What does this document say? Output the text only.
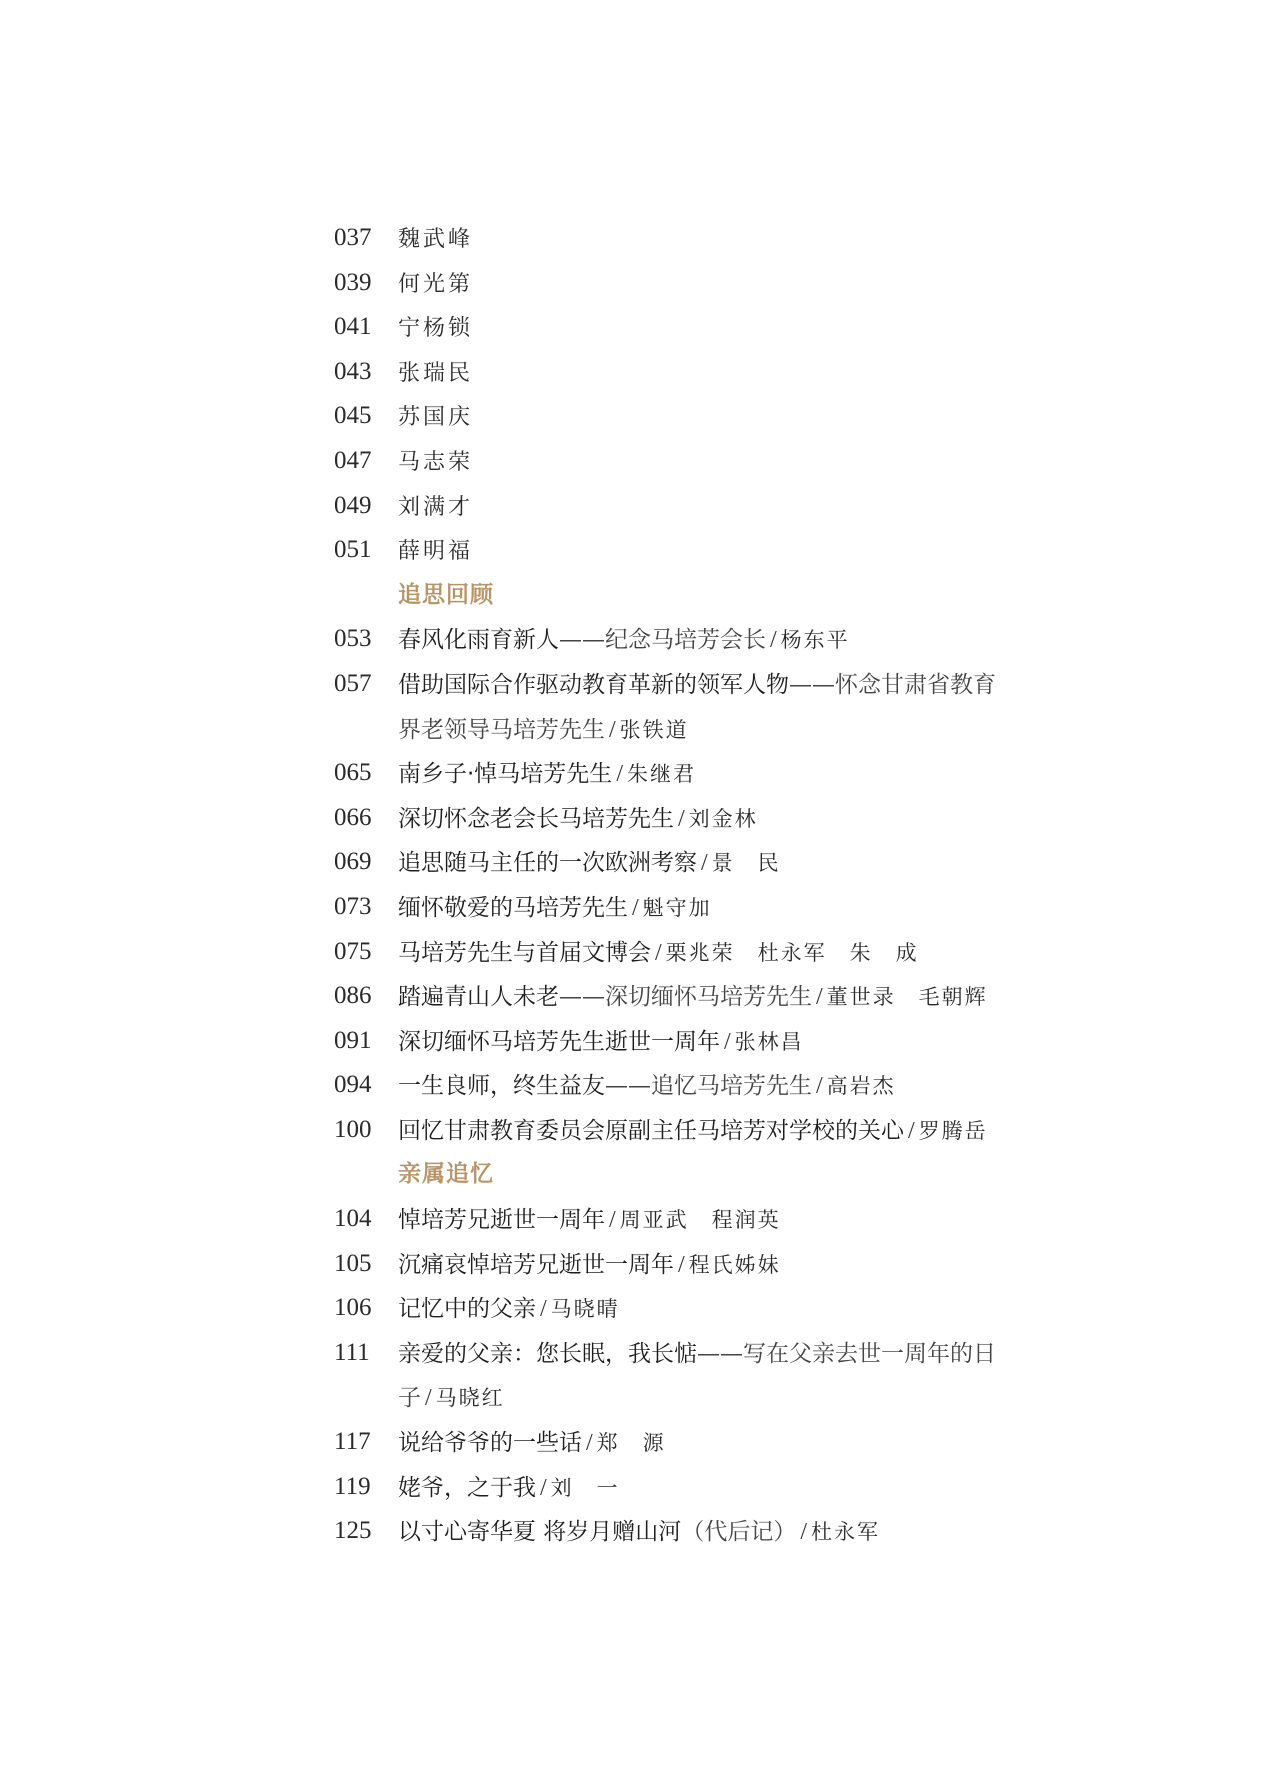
037	魏武峰
039	何光第
041	宁杨锁
043	张瑞民
045	苏国庆
047	马志荣
049	刘满才
051	薛明福
追思回顾
053	春风化雨育新人——纪念马培芳会长 / 杨东平
057	借助国际合作驱动教育革新的领军人物——怀念甘肃省教育
界老领导马培芳先生 / 张铁道
065	南乡子·悼马培芳先生 / 朱继君
066	深切怀念老会长马培芳先生 / 刘金林
069	追思随马主任的一次欧洲考察 / 景　民
073	缅怀敬爱的马培芳先生 / 魁守加
075	马培芳先生与首届文博会 / 栗兆荣　杜永军　朱　成
086	踏遍青山人未老——深切缅怀马培芳先生 / 董世录　毛朝辉
091	深切缅怀马培芳先生逝世一周年 / 张林昌
094	一生良师，终生益友——追忆马培芳先生 / 高岩杰
100	回忆甘肃教育委员会原副主任马培芳对学校的关心 / 罗腾岳
亲属追忆
104	悼培芳兄逝世一周年 / 周亚武　程润英
105	沉痛哀悼培芳兄逝世一周年 / 程氏姊妹
106	记忆中的父亲 / 马晓晴
111	亲爱的父亲：您长眠，我长惦——写在父亲去世一周年的日
子 / 马晓红
117	说给爷爷的一些话 / 郑　源
119	姥爷，之于我 / 刘　一
125	以寸心寄华夏 将岁月赠山河（代后记） / 杜永军
